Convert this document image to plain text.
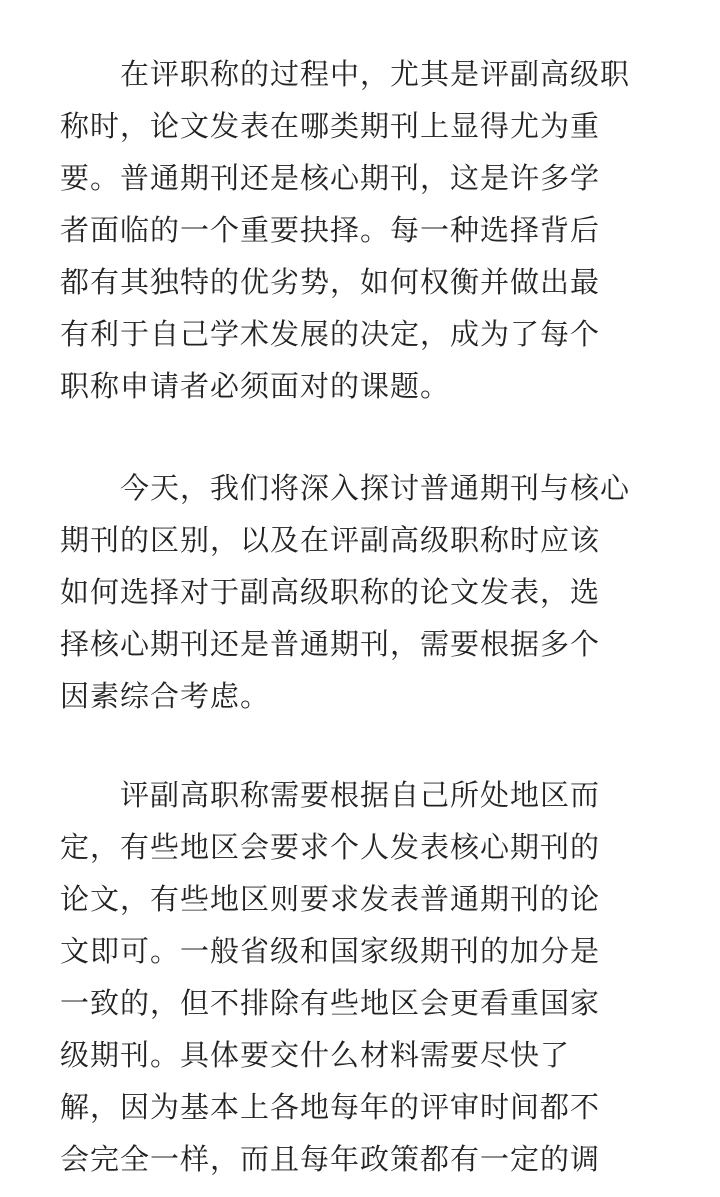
在评职称的过程中，尤其是评副高级职
称时，论文发表在哪类期刊上显得尤为重
要。普通期刊还是核心期刊，这是许多学
者面临的一个重要抉择。每一种选择背后
都有其独特的优劣势，如何权衡并做出最
有利于自己学术发展的决定，成为了每个
职称申请者必须面对的课题。
今天，我们将深入探讨普通期刊与核心
期刊的区别，以及在评副高级职称时应该
如何选择对于副高级职称的论文发表，选
择核心期刊还是普通期刊，需要根据多个
因素综合考虑。
评副高职称需要根据自己所处地区而
定，有些地区会要求个人发表核心期刊的
论文，有些地区则要求发表普通期刊的论
文即可。一般省级和国家级期刊的加分是
一致的，但不排除有些地区会更看重国家
级期刊。具体要交什么材料需要尽快了
解，因为基本上各地每年的评审时间都不
会完全一样，而且每年政策都有一定的调
